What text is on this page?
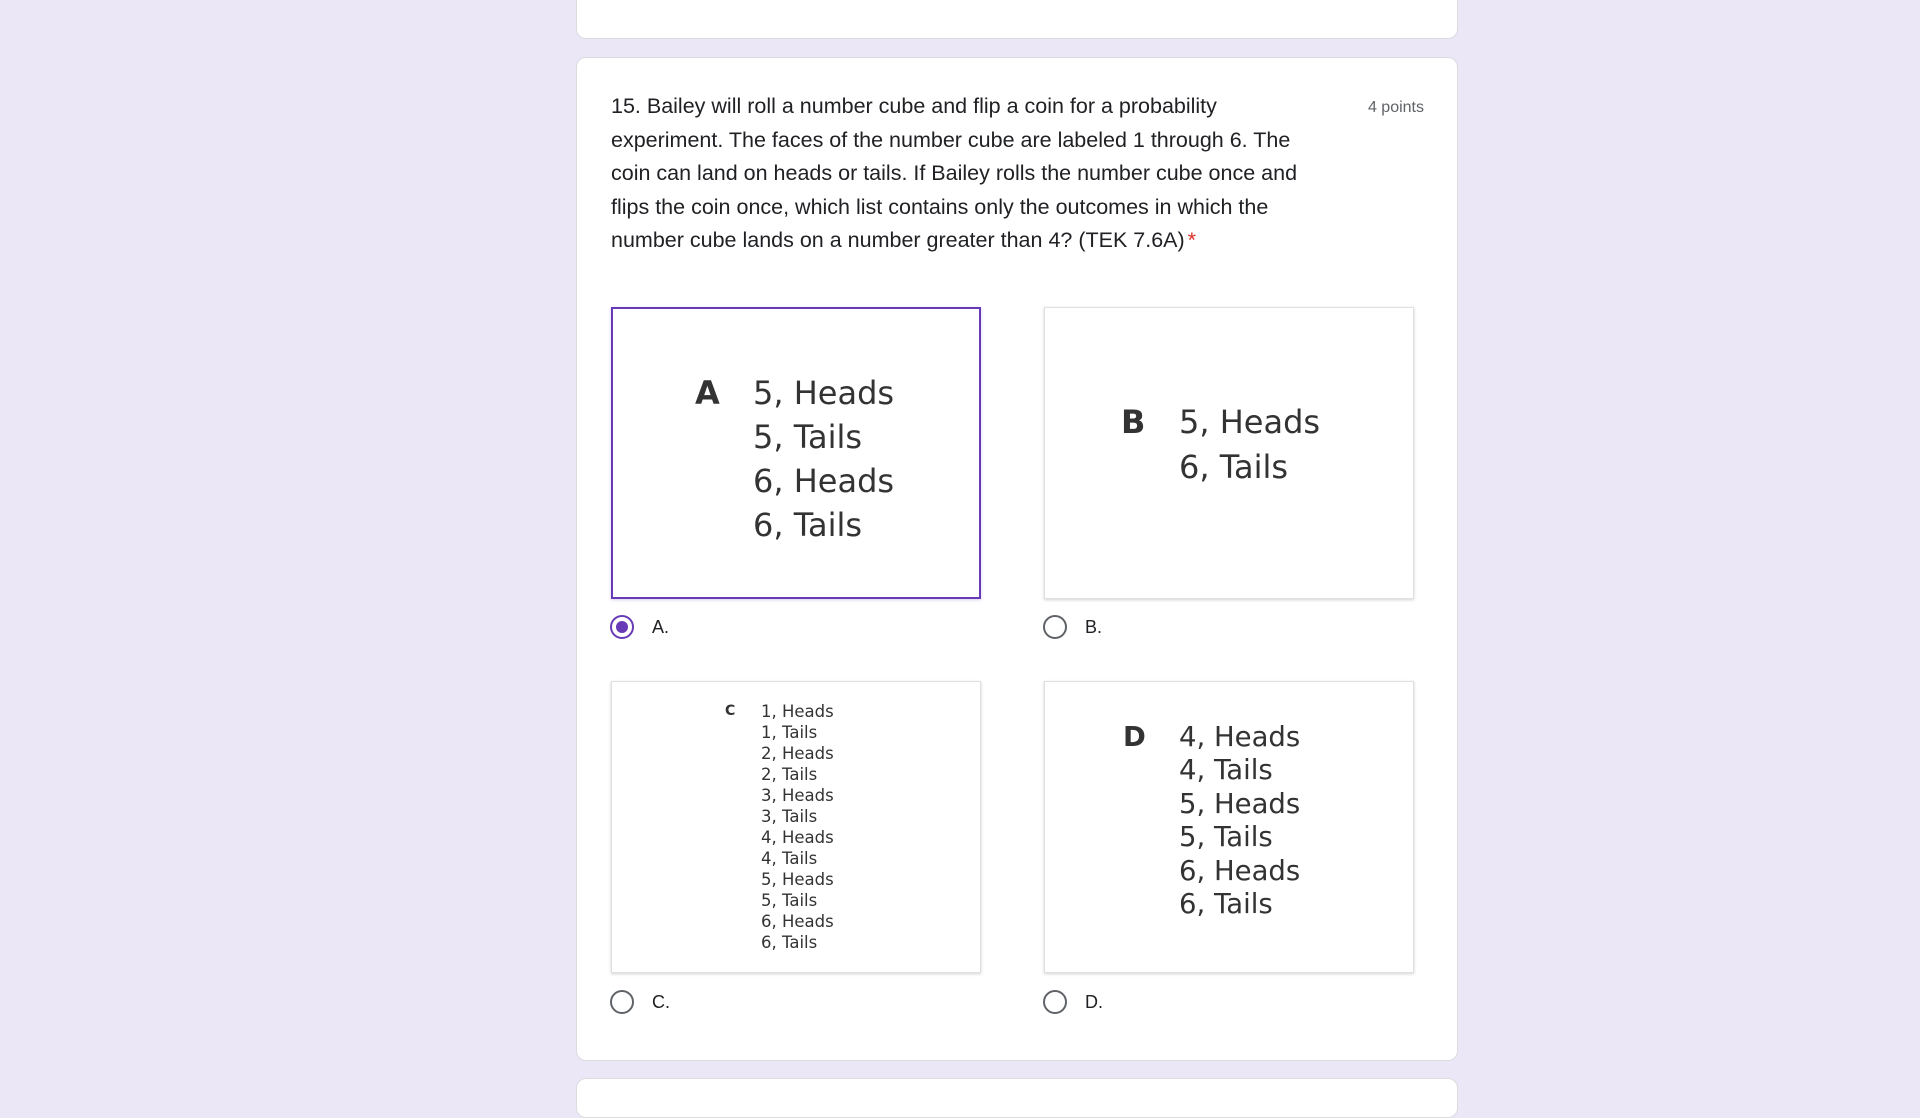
15. Bailey will roll a number cube and flip a coin for a probability experiment. The faces of the number cube are labeled 1 through 6. The coin can land on heads or tails. If Bailey rolls the number cube once and flips the coin once, which list contains only the outcomes in which the number cube lands on a number greater than 4? (TEK 7.6A) *
4 points
A	5, Heads
5, Tails
6, Heads
6, Tails
A.
B	5, Heads
6, Tails
B.
C	1, Heads
1, Tails
2, Heads
2, Tails
3, Heads
3, Tails
4, Heads
4, Tails
5, Heads
5, Tails
6, Heads
6, Tails
C.
D	4, Heads
4, Tails
5, Heads
5, Tails
6, Heads
6, Tails
D.
